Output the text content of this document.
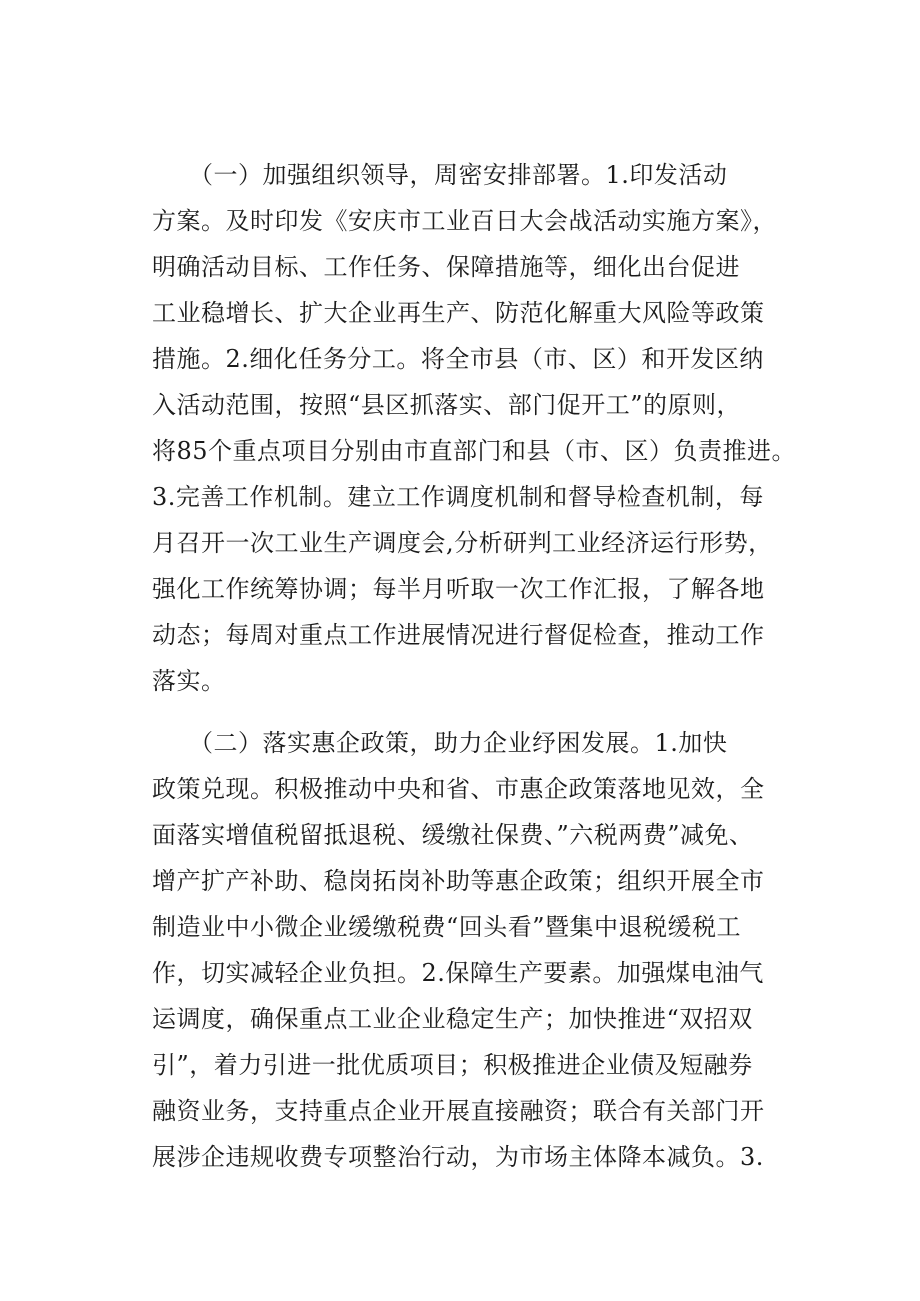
　　（一）加强组织领导，周密安排部署。1.印发活动
方案。及时印发《安庆市工业百日大会战活动实施方案》，
明确活动目标、工作任务、保障措施等，细化出台促进
工业稳增长、扩大企业再生产、防范化解重大风险等政策
措施。2.细化任务分工。将全市县（市、区）和开发区纳
入活动范围，按照“县区抓落实、部门促开工”的原则，
将85个重点项目分别由市直部门和县（市、区）负责推进。
3.完善工作机制。建立工作调度机制和督导检查机制，每
月召开一次工业生产调度会,分析研判工业经济运行形势，
强化工作统筹协调；每半月听取一次工作汇报，了解各地
动态；每周对重点工作进展情况进行督促检查，推动工作
落实。
　　（二）落实惠企政策，助力企业纾困发展。1.加快
政策兑现。积极推动中央和省、市惠企政策落地见效，全
面落实增值税留抵退税、缓缴社保费、”六税两费”减免、
增产扩产补助、稳岗拓岗补助等惠企政策；组织开展全市
制造业中小微企业缓缴税费“回头看”暨集中退税缓税工
作，切实减轻企业负担。2.保障生产要素。加强煤电油气
运调度，确保重点工业企业稳定生产；加快推进“双招双
引”，着力引进一批优质项目；积极推进企业债及短融券
融资业务，支持重点企业开展直接融资；联合有关部门开
展涉企违规收费专项整治行动，为市场主体降本减负。3.
